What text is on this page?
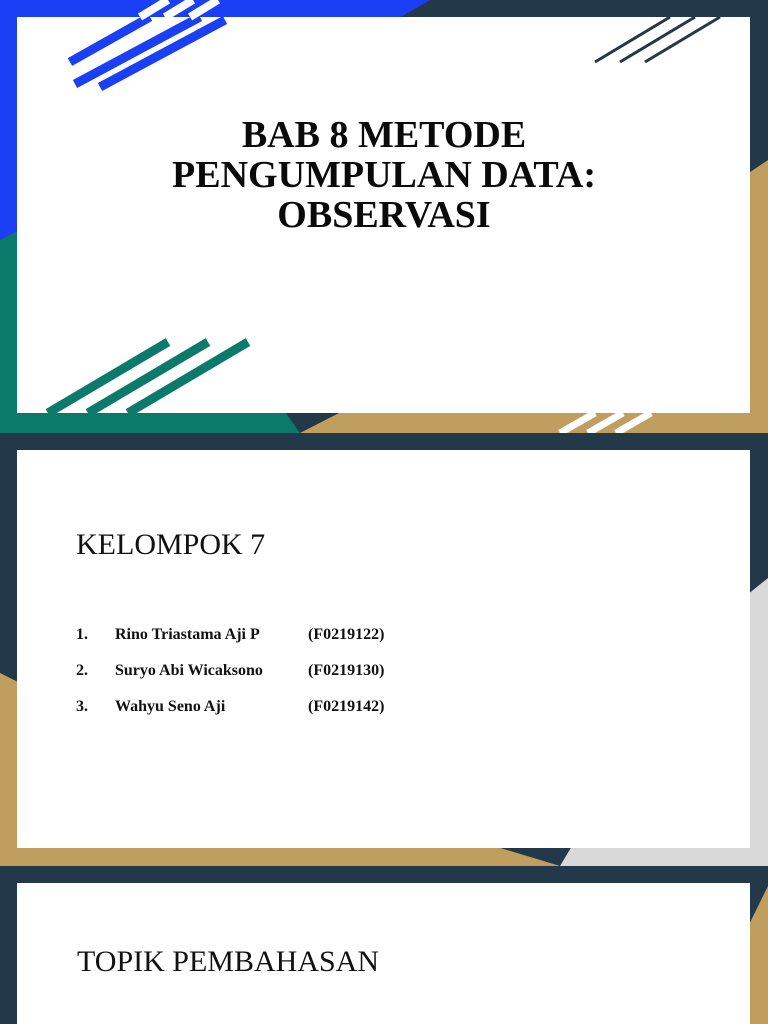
BAB 8 METODE
PENGUMPULAN DATA:
OBSERVASI
KELOMPOK 7
1.	Rino Triastama Aji P	(F0219122)
2.	Suryo Abi Wicaksono	(F0219130)
3.	Wahyu Seno Aji	(F0219142)
TOPIK PEMBAHASAN
